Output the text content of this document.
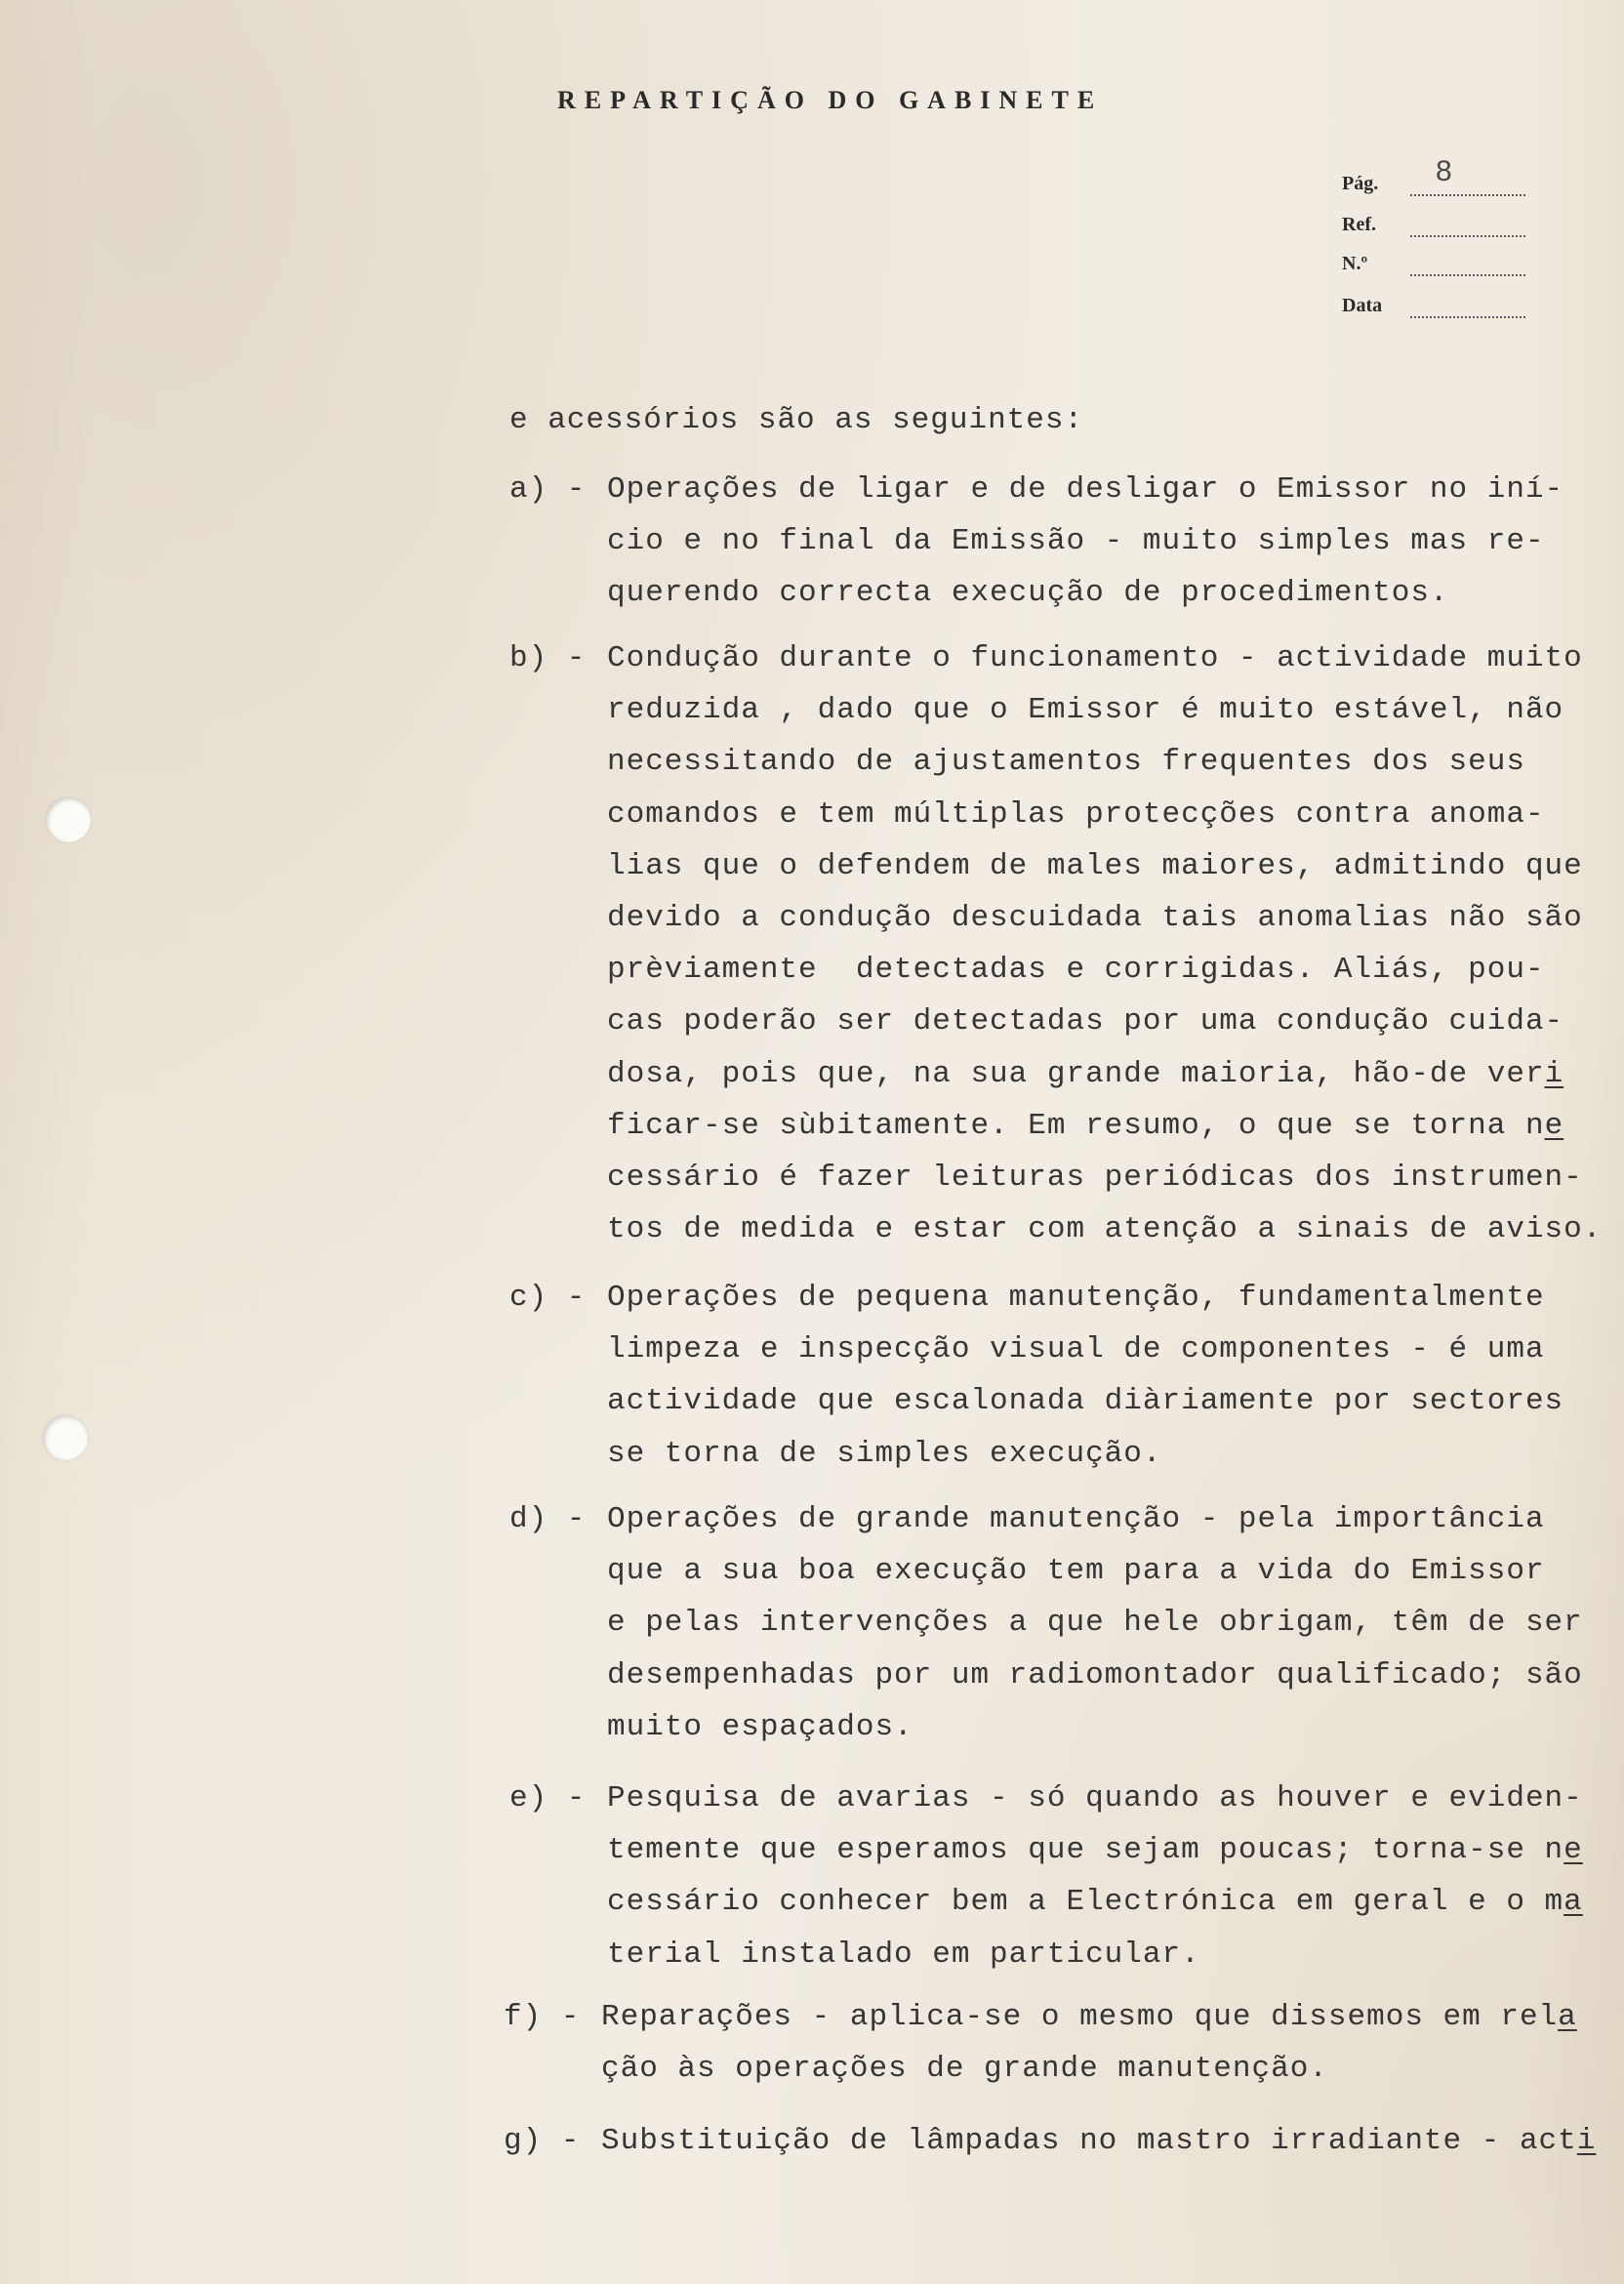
REPARTIÇÃO DO GABINETE
Pág. 8
Ref.
N.º
Data
e acessórios são as seguintes:
a) - Operações de ligar e de desligar o Emissor no iní-
cio e no final da Emissão - muito simples mas re-
querendo correcta execução de procedimentos.
b) - Condução durante o funcionamento - actividade muito
reduzida , dado que o Emissor é muito estável, não
necessitando de ajustamentos frequentes dos seus
comandos e tem múltiplas protecções contra anoma-
lias que o defendem de males maiores, admitindo que
devido a condução descuidada tais anomalias não são
prèviamente  detectadas e corrigidas. Aliás, pou-
cas poderão ser detectadas por uma condução cuida-
dosa, pois que, na sua grande maioria, hão-de veri
ficar-se sùbitamente. Em resumo, o que se torna ne
cessário é fazer leituras periódicas dos instrumen-
tos de medida e estar com atenção a sinais de aviso.
c) - Operações de pequena manutenção, fundamentalmente
limpeza e inspecção visual de componentes - é uma
actividade que escalonada diàriamente por sectores
se torna de simples execução.
d) - Operações de grande manutenção - pela importância
que a sua boa execução tem para a vida do Emissor
e pelas intervenções a que hele obrigam, têm de ser
desempenhadas por um radiomontador qualificado; são
muito espaçados.
e) - Pesquisa de avarias - só quando as houver e eviden-
temente que esperamos que sejam poucas; torna-se ne
cessário conhecer bem a Electrónica em geral e o ma
terial instalado em particular.
f) - Reparações - aplica-se o mesmo que dissemos em rela
ção às operações de grande manutenção.
g) - Substituição de lâmpadas no mastro irradiante - acti
